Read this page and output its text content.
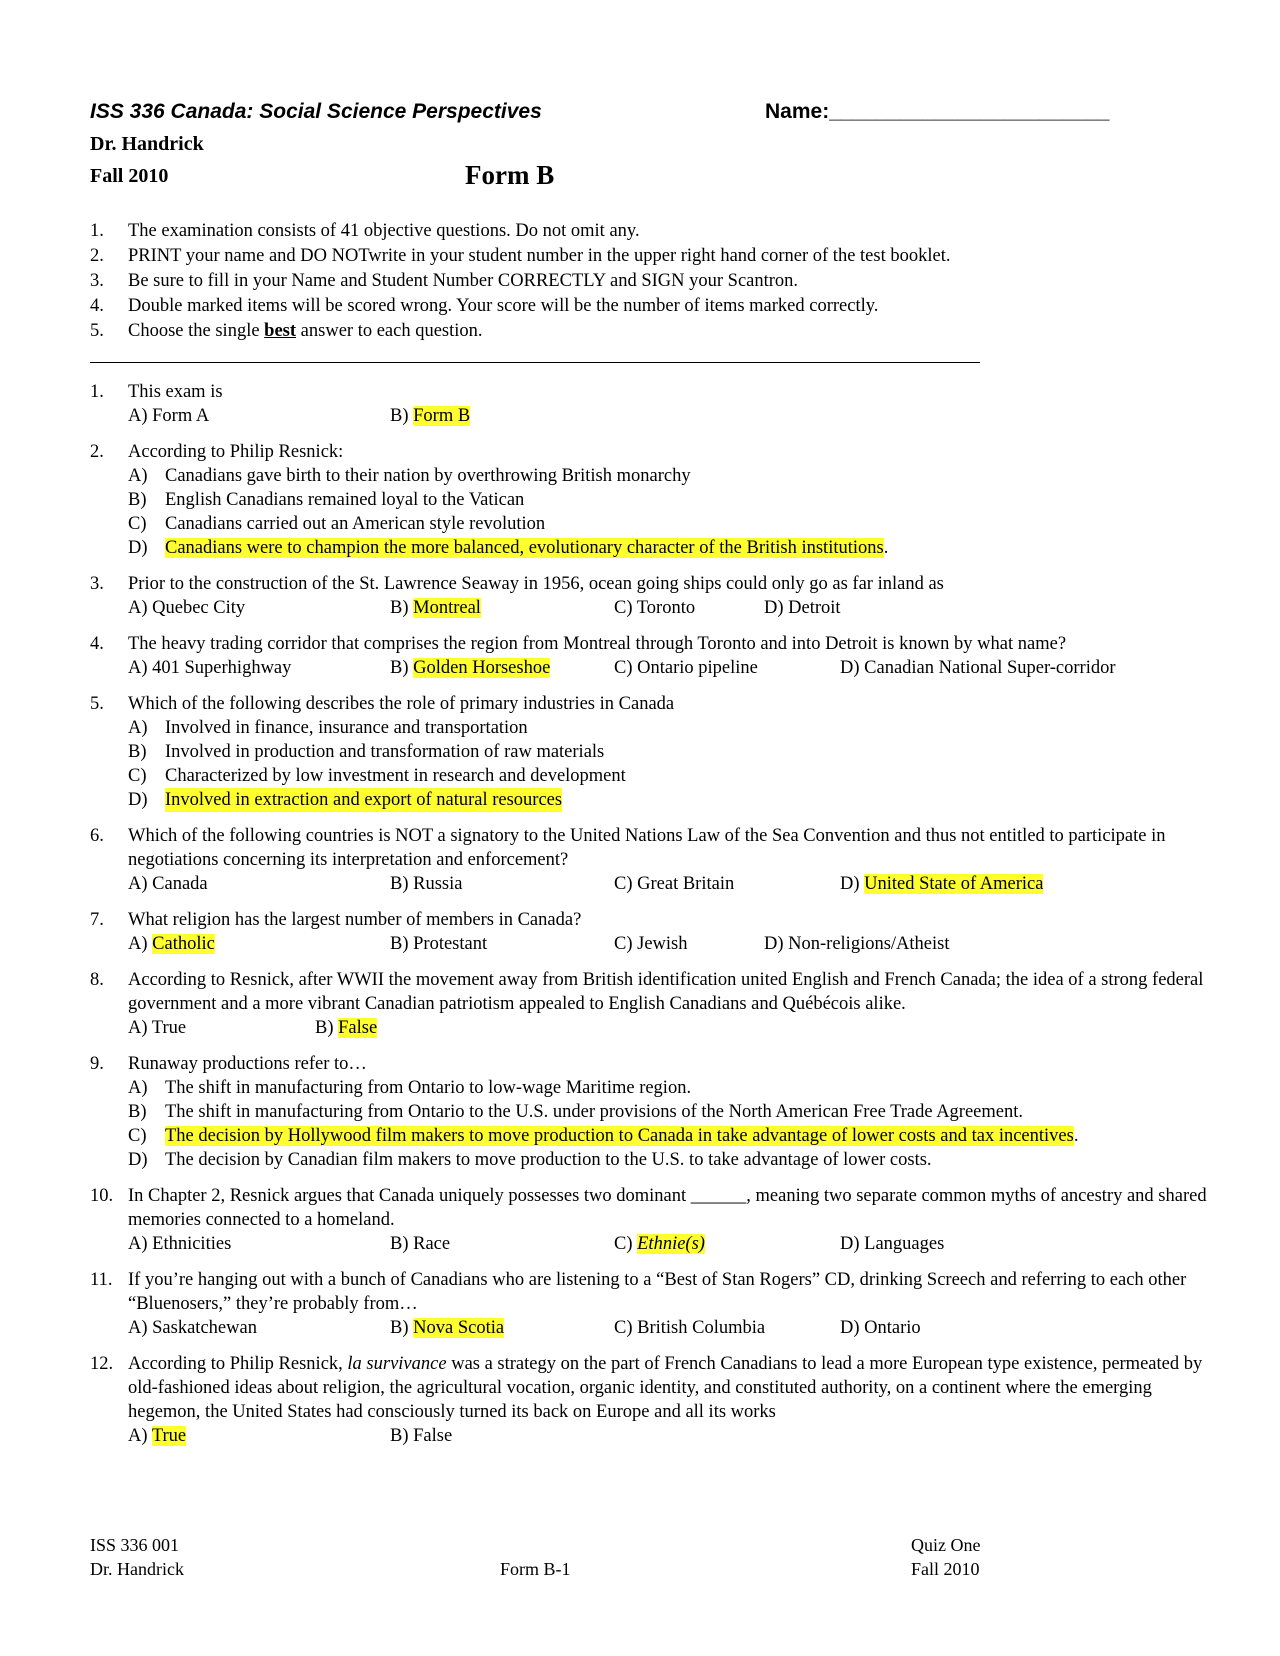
ISS 336 Canada: Social Science Perspectives	Name:________________________
Dr. Handrick
Fall 2010	Form B
1.	The examination consists of 41 objective questions. Do not omit any.
2.	PRINT your name and DO NOTwrite in your student number in the upper right hand corner of the test booklet.
3.	Be sure to fill in your Name and Student Number CORRECTLY and SIGN your Scantron.
4.	Double marked items will be scored wrong. Your score will be the number of items marked correctly.
5.	Choose the single best answer to each question.
1.	This exam is
A) Form A	B) Form B
2.	According to Philip Resnick:
A) Canadians gave birth to their nation by overthrowing British monarchy
B)	English Canadians remained loyal to the Vatican
C)	Canadians carried out an American style revolution
D) Canadians were to champion the more balanced, evolutionary character of the British institutions.
3.	Prior to the construction of the St. Lawrence Seaway in 1956, ocean going ships could only go as far inland as
A) Quebec City	B) Montreal	C) Toronto	D) Detroit
4.	The heavy trading corridor that comprises the region from Montreal through Toronto and into Detroit is known by what name?
A) 401 Superhighway	B) Golden Horseshoe	C) Ontario pipeline	D) Canadian National Super-corridor
5.	Which of the following describes the role of primary industries in Canada
A) Involved in finance, insurance and transportation
B)	Involved in production and transformation of raw materials
C)	Characterized by low investment in research and development
D) Involved in extraction and export of natural resources
6.	Which of the following countries is NOT a signatory to the United Nations Law of the Sea Convention and thus not entitled to participate in negotiations concerning its interpretation and enforcement?
A) Canada	B) Russia	C) Great Britain	D) United State of America
7.	What religion has the largest number of members in Canada?
A) Catholic	B) Protestant	C) Jewish	D) Non-religions/Atheist
8.	According to Resnick, after WWII the movement away from British identification united English and French Canada; the idea of a strong federal government and a more vibrant Canadian patriotism appealed to English Canadians and Québécois alike.
A) True	B) False
9.	Runaway productions refer to…
A) The shift in manufacturing from Ontario to low-wage Maritime region.
B)	The shift in manufacturing from Ontario to the U.S. under provisions of the North American Free Trade Agreement.
C)	The decision by Hollywood film makers to move production to Canada in take advantage of lower costs and tax incentives.
D) The decision by Canadian film makers to move production to the U.S. to take advantage of lower costs.
10. In Chapter 2, Resnick argues that Canada uniquely possesses two dominant ______, meaning two separate common myths of ancestry and shared memories connected to a homeland.
A) Ethnicities	B) Race	C) Ethnie(s)	D) Languages
11. If you’re hanging out with a bunch of Canadians who are listening to a “Best of Stan Rogers” CD, drinking Screech and referring to each other “Bluenosers,” they’re probably from…
A) Saskatchewan	B) Nova Scotia	C) British Columbia	D) Ontario
12. According to Philip Resnick, la survivance was a strategy on the part of French Canadians to lead a more European type existence, permeated by old-fashioned ideas about religion, the agricultural vocation, organic identity, and constituted authority, on a continent where the emerging hegemon, the United States had consciously turned its back on Europe and all its works
A) True	B) False
ISS 336 001
Dr. Handrick	Form B-1
Quiz One
Fall 2010
